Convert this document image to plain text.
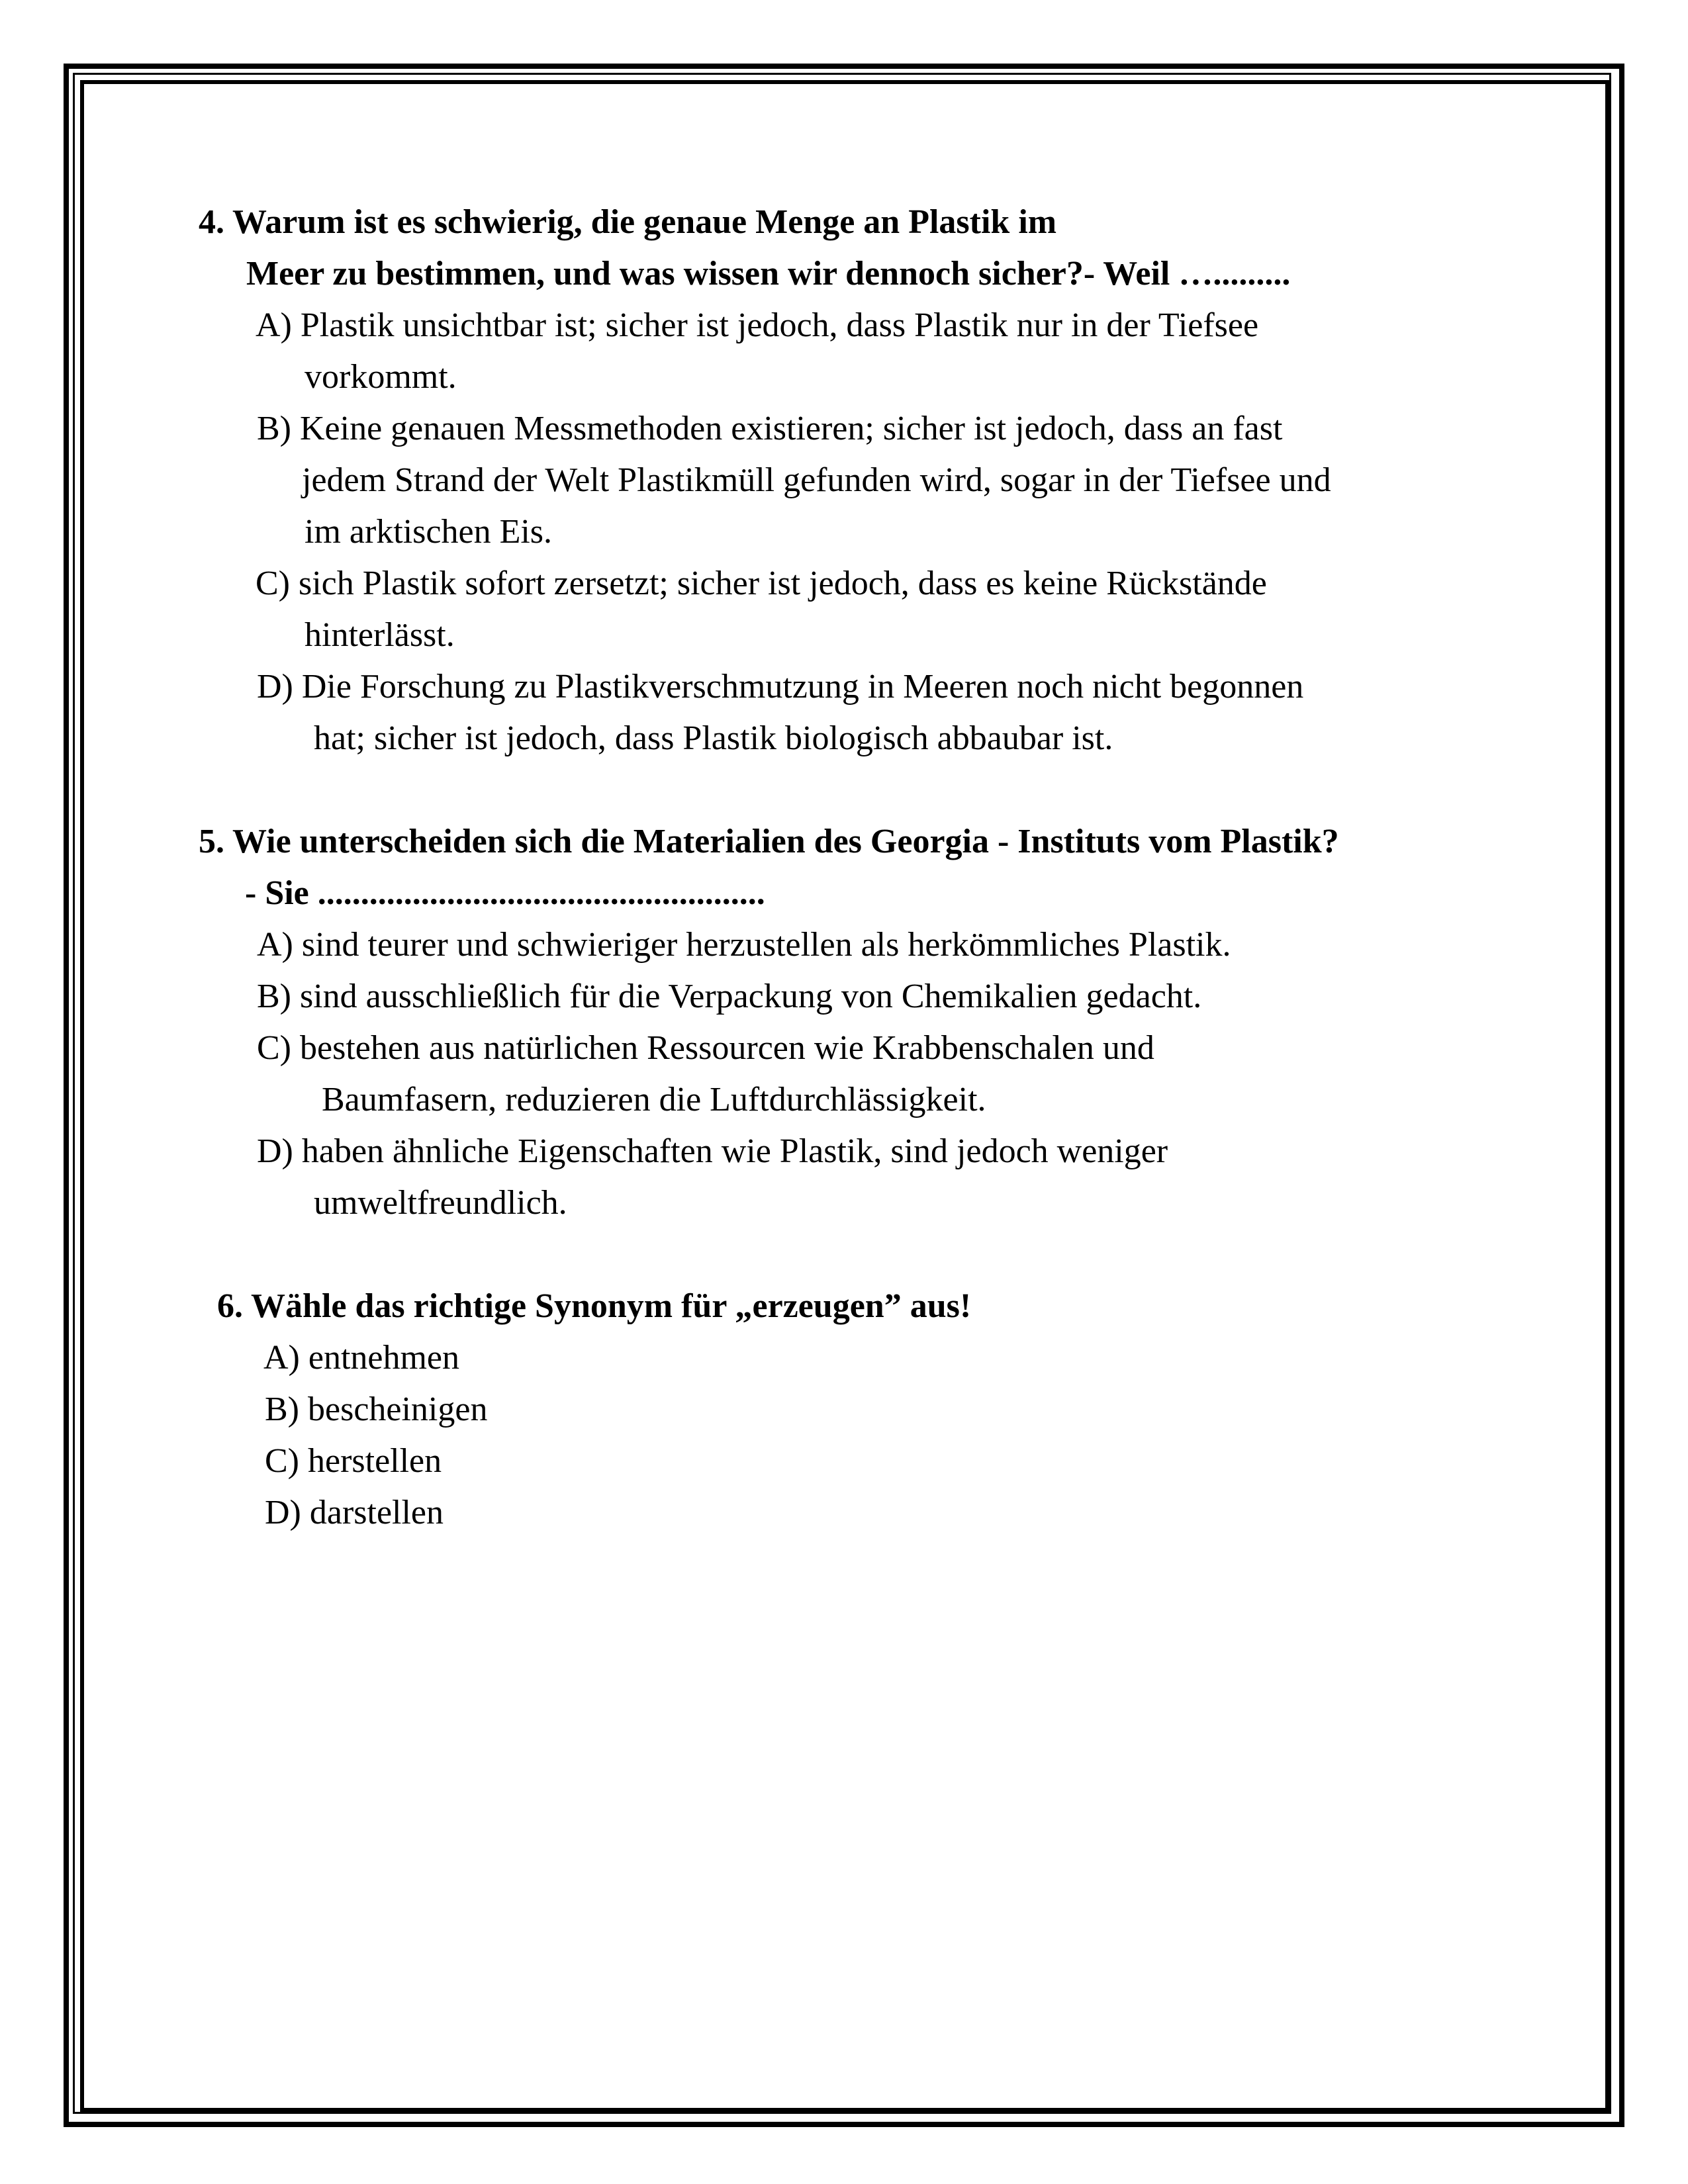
4. Warum ist es schwierig, die genaue Menge an Plastik im
Meer zu bestimmen, und was wissen wir dennoch sicher?- Weil ….........
A) Plastik unsichtbar ist; sicher ist jedoch, dass Plastik nur in der Tiefsee
vorkommt.
B) Keine genauen Messmethoden existieren; sicher ist jedoch, dass an fast
jedem Strand der Welt Plastikmüll gefunden wird, sogar in der Tiefsee und
im arktischen Eis.
C) sich Plastik sofort zersetzt; sicher ist jedoch, dass es keine Rückstände
hinterlässt.
D) Die Forschung zu Plastikverschmutzung in Meeren noch nicht begonnen
hat; sicher ist jedoch, dass Plastik biologisch abbaubar ist.
5. Wie unterscheiden sich die Materialien des Georgia - Instituts vom Plastik?
- Sie ....................................................
A) sind teurer und schwieriger herzustellen als herkömmliches Plastik.
B) sind ausschließlich für die Verpackung von Chemikalien gedacht.
C) bestehen aus natürlichen Ressourcen wie Krabbenschalen und
Baumfasern, reduzieren die Luftdurchlässigkeit.
D) haben ähnliche Eigenschaften wie Plastik, sind jedoch weniger
umweltfreundlich.
6. Wähle das richtige Synonym für „erzeugen” aus!
A) entnehmen
B) bescheinigen
C) herstellen
D) darstellen
